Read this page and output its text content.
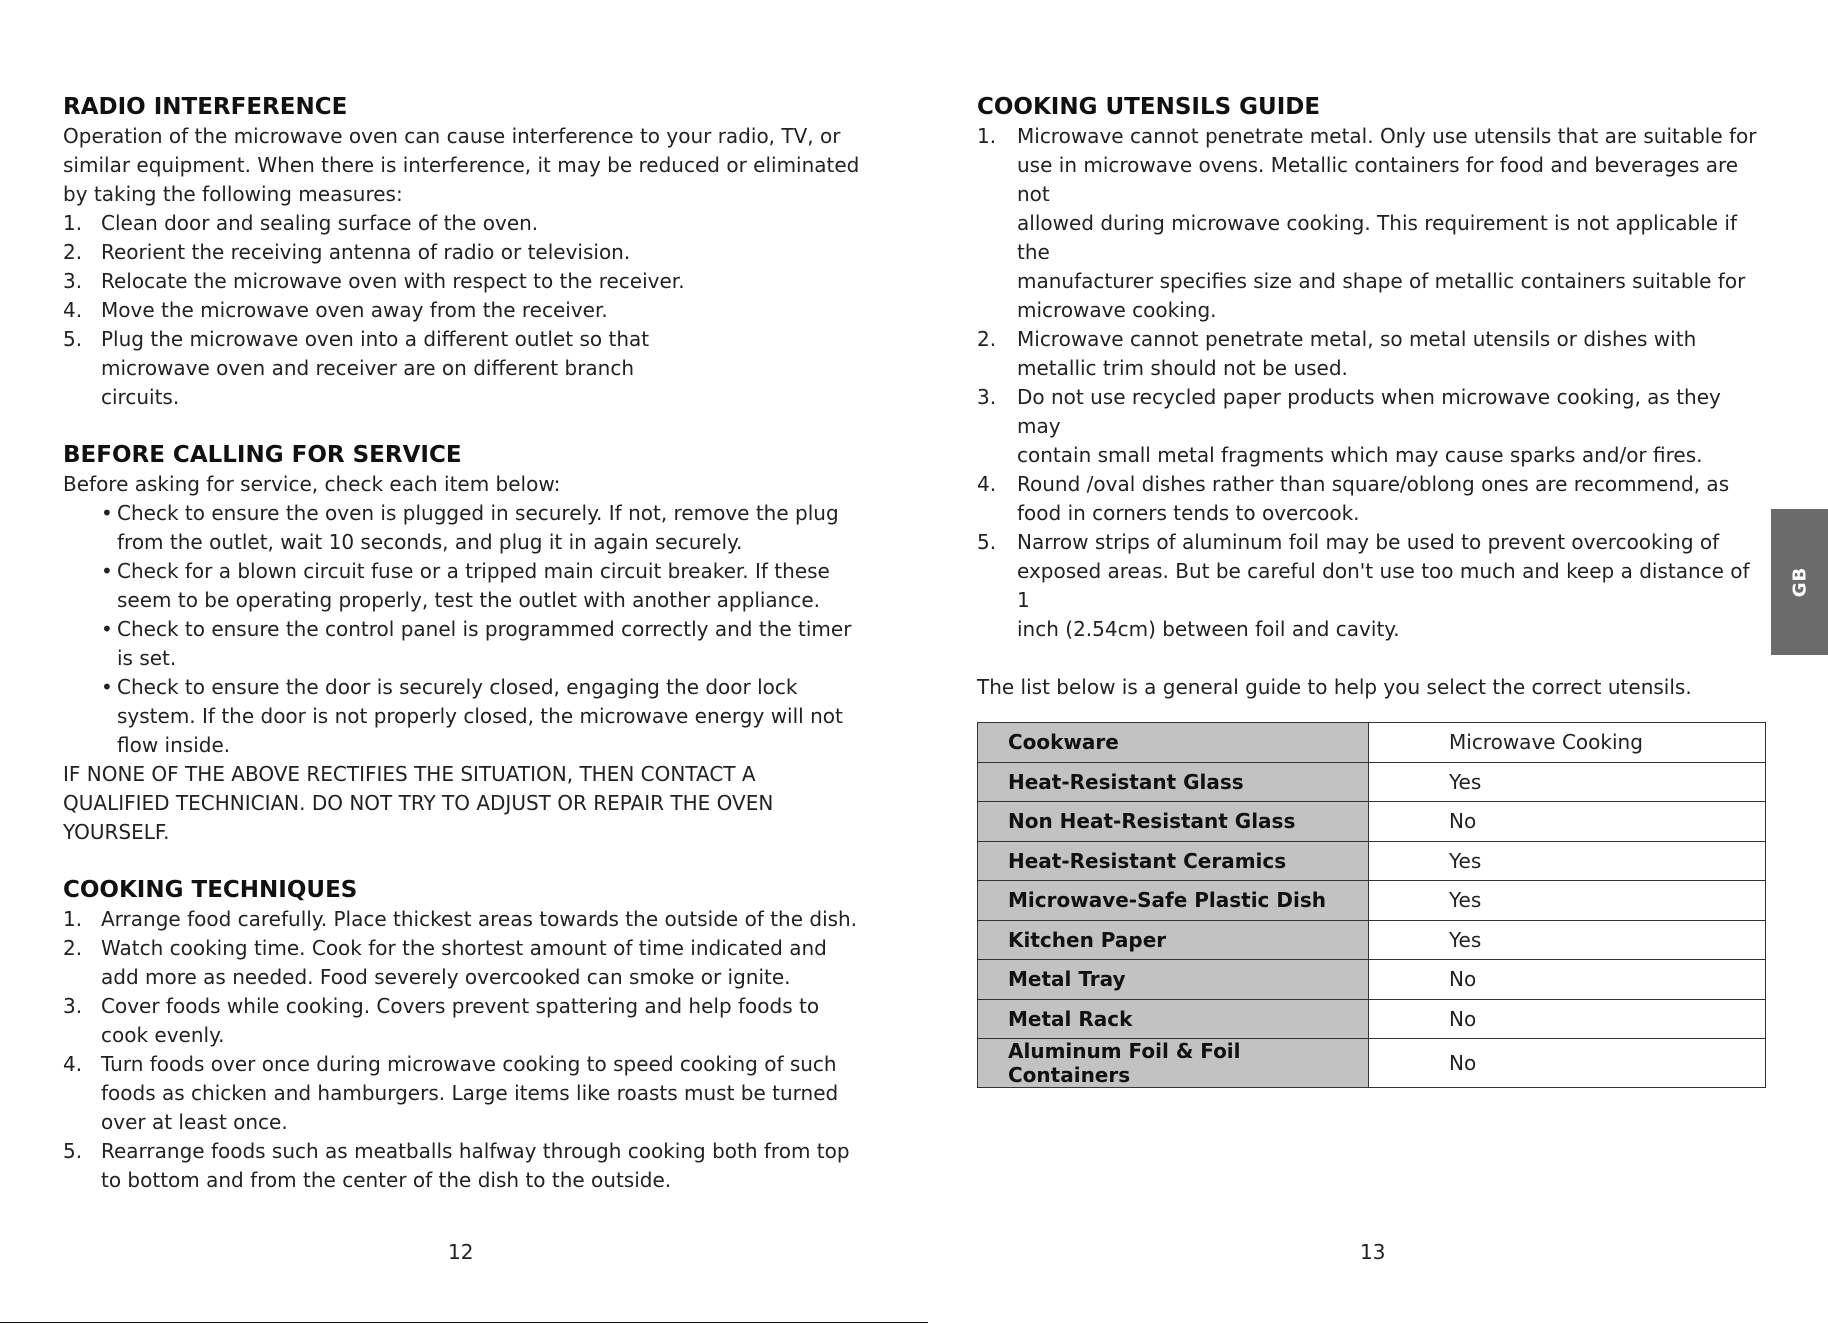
RADIO INTERFERENCE

Operation of the microwave oven can cause interference to your radio, TV, or

similar equipment. When there is interference, it may be reduced or eliminated

by taking the following measures:

1. Clean door and sealing surface of the oven.
2. Reorient the receiving antenna of radio or television.
3. Relocate the microwave oven with respect to the receiver.
4. Move the microwave oven away from the receiver.
5. Plug the microwave oven into a different outlet so that
microwave oven and receiver are on different branch
circuits.
BEFORE CALLING FOR SERVICE

Before asking for service, check each item below:

• Check to ensure the oven is plugged in securely. If not, remove the plug
from the outlet, wait 10 seconds, and plug it in again securely.
• Check for a blown circuit fuse or a tripped main circuit breaker. If these
seem to be operating properly, test the outlet with another appliance.
• Check to ensure the control panel is programmed correctly and the timer
is set.
• Check to ensure the door is securely closed, engaging the door lock
system. If the door is not properly closed, the microwave energy will not
flow inside.

IF NONE OF THE ABOVE RECTIFIES THE SITUATION, THEN CONTACT A

QUALIFIED TECHNICIAN. DO NOT TRY TO ADJUST OR REPAIR THE OVEN

YOURSELF.

COOKING TECHNIQUES
1. Arrange food carefully. Place thickest areas towards the outside of the dish.
2. Watch cooking time. Cook for the shortest amount of time indicated and
add more as needed. Food severely overcooked can smoke or ignite.
3. Cover foods while cooking. Covers prevent spattering and help foods to
cook evenly.
4. Turn foods over once during microwave cooking to speed cooking of such
foods as chicken and hamburgers. Large items like roasts must be turned
over at least once.
5. Rearrange foods such as meatballs halfway through cooking both from top
to bottom and from the center of the dish to the outside.
COOKING UTENSILS GUIDE
1. Microwave cannot penetrate metal. Only use utensils that are suitable for
use in microwave ovens. Metallic containers for food and beverages are not
allowed during microwave cooking. This requirement is not applicable if the
manufacturer specifies size and shape of metallic containers suitable for
microwave cooking.
2. Microwave cannot penetrate metal, so metal utensils or dishes with
metallic trim should not be used.
3. Do not use recycled paper products when microwave cooking, as they may
contain small metal fragments which may cause sparks and/or fires.
4. Round /oval dishes rather than square/oblong ones are recommend, as
food in corners tends to overcook.
5. Narrow strips of aluminum foil may be used to prevent overcooking of
exposed areas. But be careful don't use too much and keep a distance of 1
inch (2.54cm) between foil and cavity.

The list below is a general guide to help you select the correct utensils.

Cookware	Microwave Cooking
Heat-Resistant Glass	Yes
Non Heat-Resistant Glass	No
Heat-Resistant Ceramics	Yes
Microwave-Safe Plastic Dish	Yes
Kitchen Paper	Yes
Metal Tray	No
Metal Rack	No
Aluminum Foil & Foil Containers	No
12	13
GB
